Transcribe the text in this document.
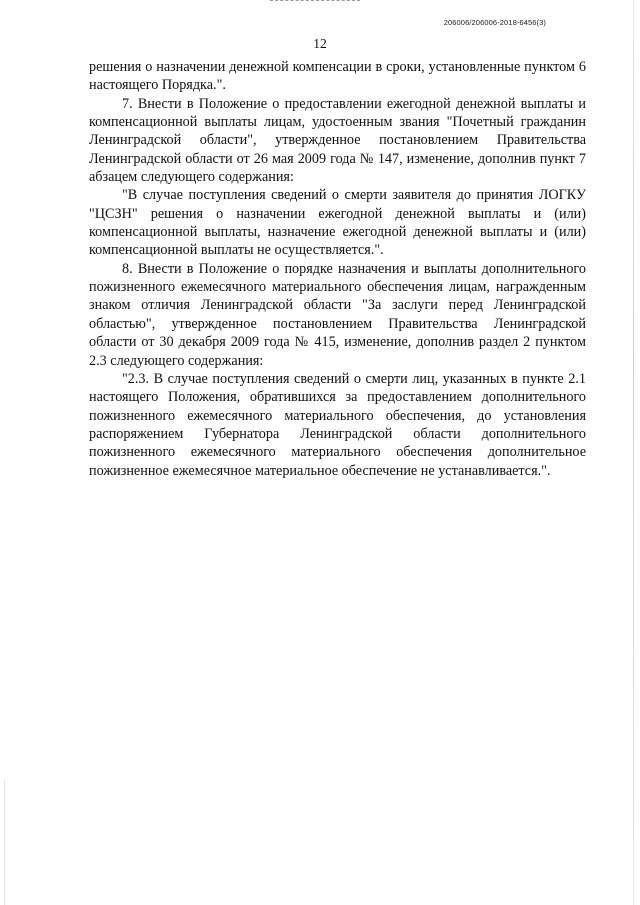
206006/206006-2018-6456(3)
12

решения о назначении денежной компенсации в сроки, установленные пунктом 6 настоящего Порядка.".

7. Внести в Положение о предоставлении ежегодной денежной выплаты и компенсационной выплаты лицам, удостоенным звания "Почетный гражданин Ленинградской области", утвержденное постановлением Правительства Ленинградской области от 26 мая 2009 года № 147, изменение, дополнив пункт 7 абзацем следующего содержания:

"В случае поступления сведений о смерти заявителя до принятия ЛОГКУ "ЦСЗН" решения о назначении ежегодной денежной выплаты и (или) компенсационной выплаты, назначение ежегодной денежной выплаты и (или) компенсационной выплаты не осуществляется.".

8. Внести в Положение о порядке назначения и выплаты дополнительного пожизненного ежемесячного материального обеспечения лицам, награжденным знаком отличия Ленинградской области "За заслуги перед Ленинградской областью", утвержденное постановлением Правительства Ленинградской области от 30 декабря 2009 года № 415, изменение, дополнив раздел 2 пунктом 2.3 следующего содержания:

"2.3. В случае поступления сведений о смерти лиц, указанных в пункте 2.1 настоящего Положения, обратившихся за предоставлением дополнительного пожизненного ежемесячного материального обеспечения, до установления распоряжением Губернатора Ленинградской области дополнительного пожизненного ежемесячного материального обеспечения дополнительное пожизненное ежемесячное материальное обеспечение не устанавливается.".
